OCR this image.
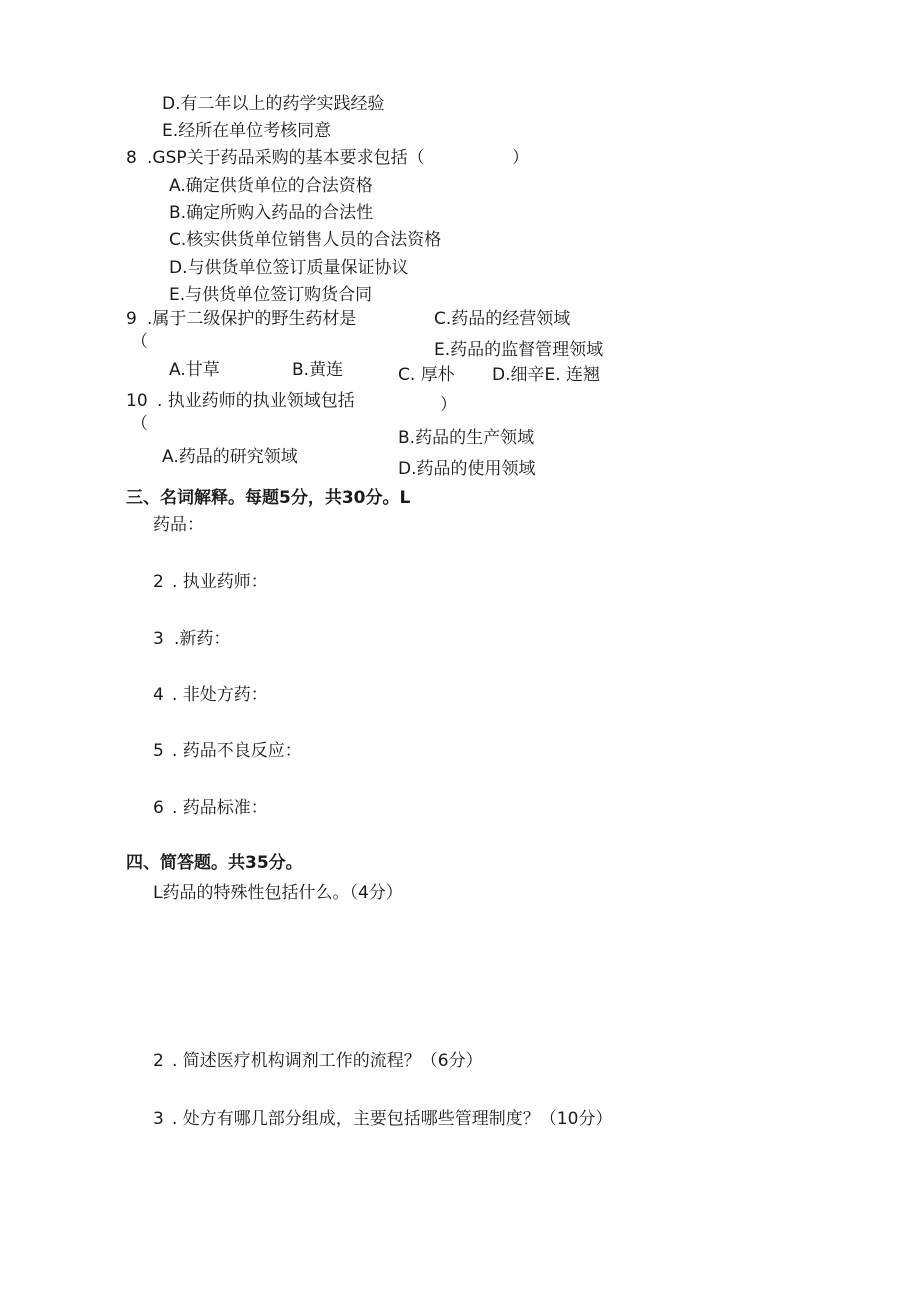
D.有二年以上的药学实践经验
E.经所在单位考核同意
8 .GSP关于药品采购的基本要求包括（	）
A.确定供货单位的合法资格
B.确定所购入药品的合法性
C.核实供货单位销售人员的合法资格
D.与供货单位签订质量保证协议
E.与供货单位签订购货合同
9 .属于二级保护的野生药材是
（
A.甘草	B.黄连	C. 厚朴 D.细辛E. 连翘
C.药品的经营领域
E.药品的监督管理领域
10 . 执业药师的执业领域包括	）
（
B.药品的生产领域
A.药品的研究领域
D.药品的使用领域
三、名词解释。每题5分，共30分。L
药品：
2 . 执业药师：
3 .新药：
4 . 非处方药：
5 . 药品不良反应：
6 . 药品标准：
四、简答题。共35分。
L药品的特殊性包括什么。（4分）
2 . 简述医疗机构调剂工作的流程？（6分）
3 . 处方有哪几部分组成，主要包括哪些管理制度？（10分）
